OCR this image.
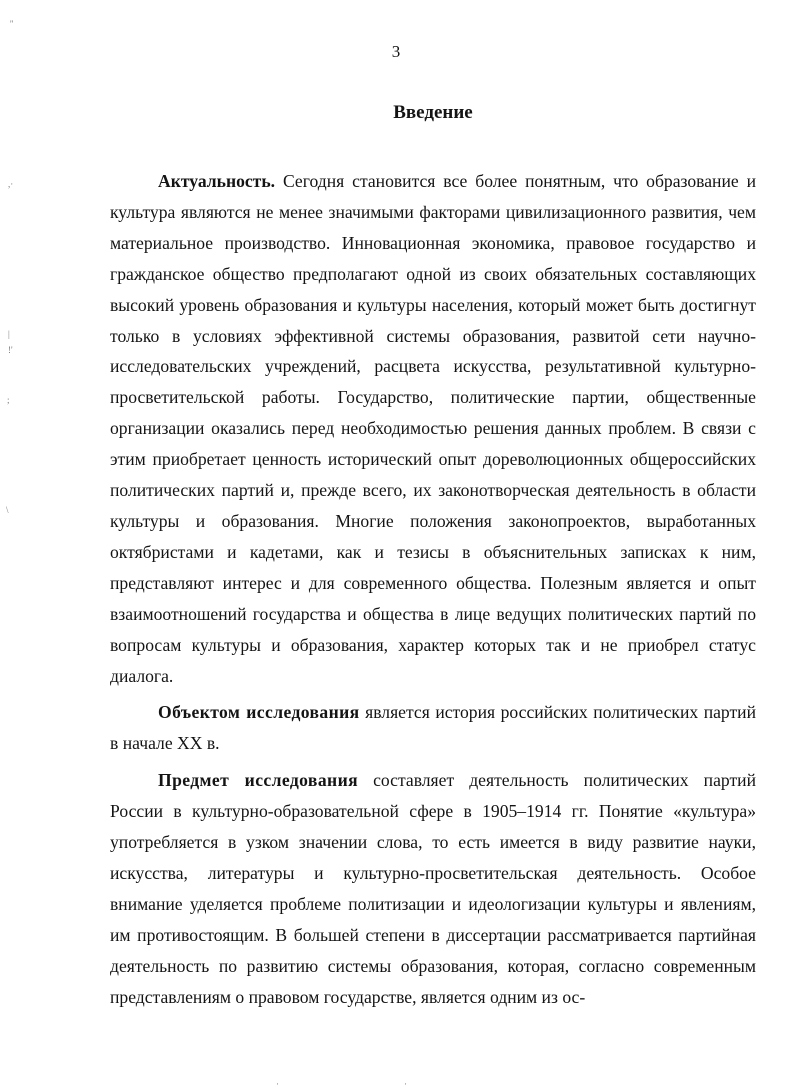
''
,·
|
!'
;
\
3
Введение

Актуальность. Сегодня становится все более понятным, что образование и культура являются не менее значимыми факторами цивилизационного развития, чем материальное производство. Инновационная экономика, правовое государство и гражданское общество предполагают одной из своих обязательных составляющих высокий уровень образования и культуры населения, который может быть достигнут только в условиях эффективной системы образования, развитой сети научно-исследовательских учреждений, расцвета искусства, результативной культурно-просветительской работы. Государство, политические партии, общественные организации оказались перед необходимостью решения данных проблем. В связи с этим приобретает ценность исторический опыт дореволюционных общероссийских политических партий и, прежде всего, их законотворческая деятельность в области культуры и образования. Многие положения законопроектов, выработанных октябристами и кадетами, как и тезисы в объяснительных записках к ним, представляют интерес и для современного общества. Полезным является и опыт взаимоотношений государства и общества в лице ведущих политических партий по вопросам культуры и образования, характер которых так и не приобрел статус диалога.

Объектом исследования является история российских политических партий в начале XX в.

Предмет исследования составляет деятельность политических партий России в культурно-образовательной сфере в 1905–1914 гг. Понятие «культура» употребляется в узком значении слова, то есть имеется в виду развитие науки, искусства, литературы и культурно-просветительская деятельность. Особое внимание уделяется проблеме политизации и идеологизации культуры и явлениям, им противостоящим. В большей степени в диссертации рассматривается партийная деятельность по развитию системы образования, которая, согласно современным представлениям о правовом государстве, является одним из ос-

·	·
